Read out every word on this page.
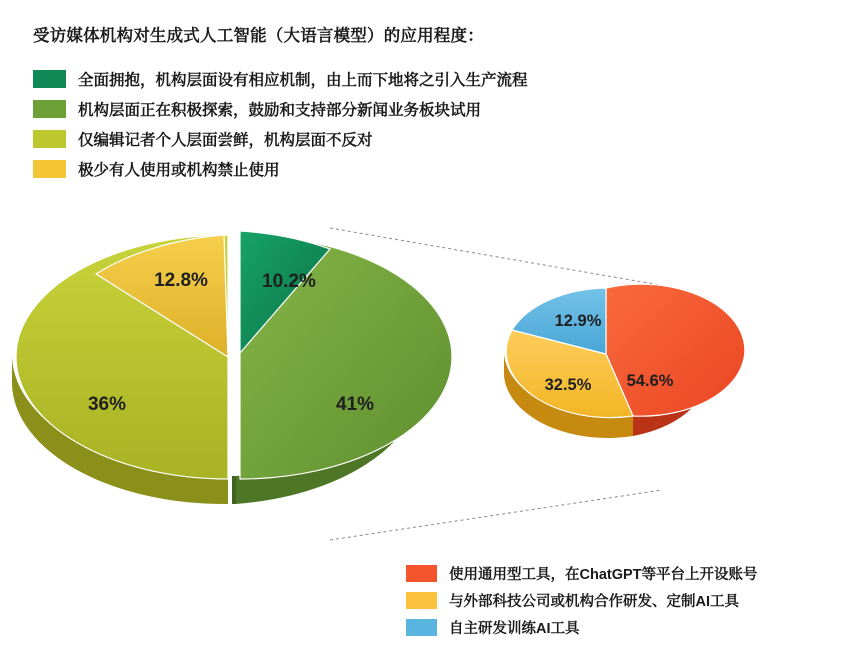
受访媒体机构对生成式人工智能（大语言模型）的应用程度：
全面拥抱，机构层面设有相应机制，由上而下地将之引入生产流程
机构层面正在积极探索，鼓励和支持部分新闻业务板块试用
仅编辑记者个人层面尝鲜，机构层面不反对
极少有人使用或机构禁止使用
10.2%
41%
36%
12.8%
54.6%
32.5%
12.9%
使用通用型工具，在ChatGPT等平台上开设账号
与外部科技公司或机构合作研发、定制AI工具
自主研发训练AI工具
